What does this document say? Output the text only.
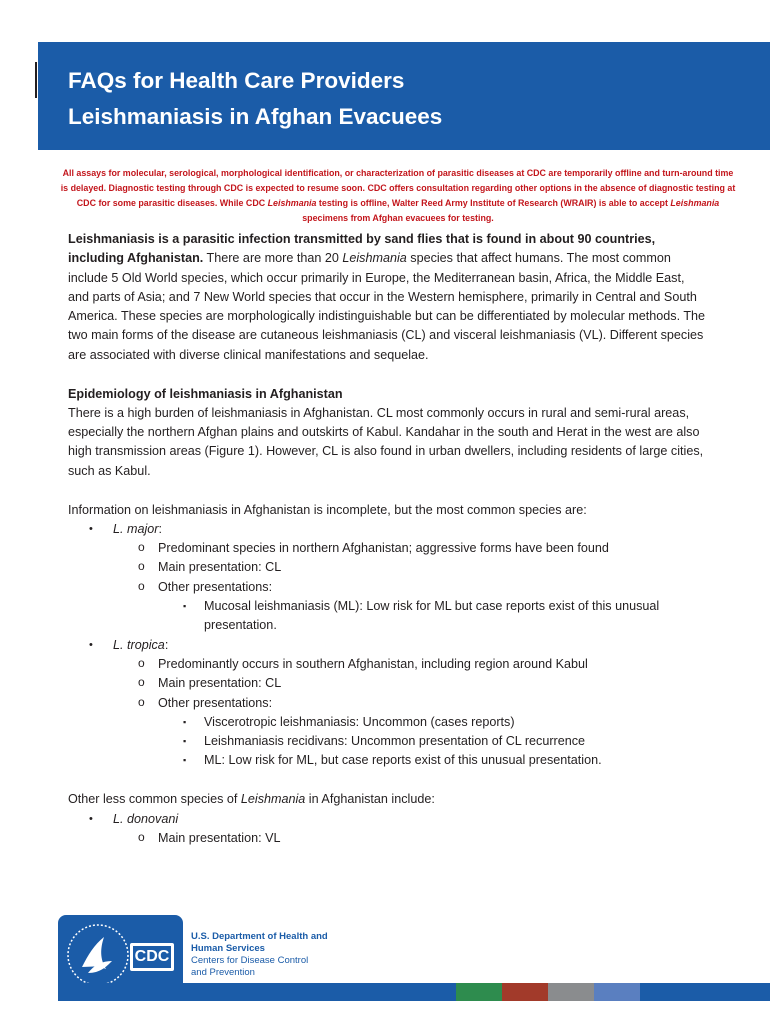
FAQs for Health Care Providers
Leishmaniasis in Afghan Evacuees
All assays for molecular, serological, morphological identification, or characterization of parasitic diseases at CDC are temporarily offline and turn-around time is delayed. Diagnostic testing through CDC is expected to resume soon. CDC offers consultation regarding other options in the absence of diagnostic testing at CDC for some parasitic diseases. While CDC Leishmania testing is offline, Walter Reed Army Institute of Research (WRAIR) is able to accept Leishmania specimens from Afghan evacuees for testing.

Leishmaniasis is a parasitic infection transmitted by sand flies that is found in about 90 countries, including Afghanistan. There are more than 20 Leishmania species that affect humans. The most common include 5 Old World species, which occur primarily in Europe, the Mediterranean basin, Africa, the Middle East, and parts of Asia; and 7 New World species that occur in the Western hemisphere, primarily in Central and South America. These species are morphologically indistinguishable but can be differentiated by molecular methods. The two main forms of the disease are cutaneous leishmaniasis (CL) and visceral leishmaniasis (VL). Different species are associated with diverse clinical manifestations and sequelae.

Epidemiology of leishmaniasis in Afghanistan

There is a high burden of leishmaniasis in Afghanistan. CL most commonly occurs in rural and semi-rural areas, especially the northern Afghan plains and outskirts of Kabul. Kandahar in the south and Herat in the west are also high transmission areas (Figure 1). However, CL is also found in urban dwellers, including residents of large cities, such as Kabul.

Information on leishmaniasis in Afghanistan is incomplete, but the most common species are:

• L. major:
o Predominant species in northern Afghanistan; aggressive forms have been found
o Main presentation: CL
o Other presentations:
▪ Mucosal leishmaniasis (ML): Low risk for ML but case reports exist of this unusual presentation.
• L. tropica:
o Predominantly occurs in southern Afghanistan, including region around Kabul
o Main presentation: CL
o Other presentations:
▪ Viscerotropic leishmaniasis: Uncommon (cases reports)
▪ Leishmaniasis recidivans: Uncommon presentation of CL recurrence
▪ ML: Low risk for ML, but case reports exist of this unusual presentation.

Other less common species of Leishmania in Afghanistan include:

• L. donovani
o Main presentation: VL
CDC
U.S. Department of Health and
Human Services
Centers for Disease Control
and Prevention
